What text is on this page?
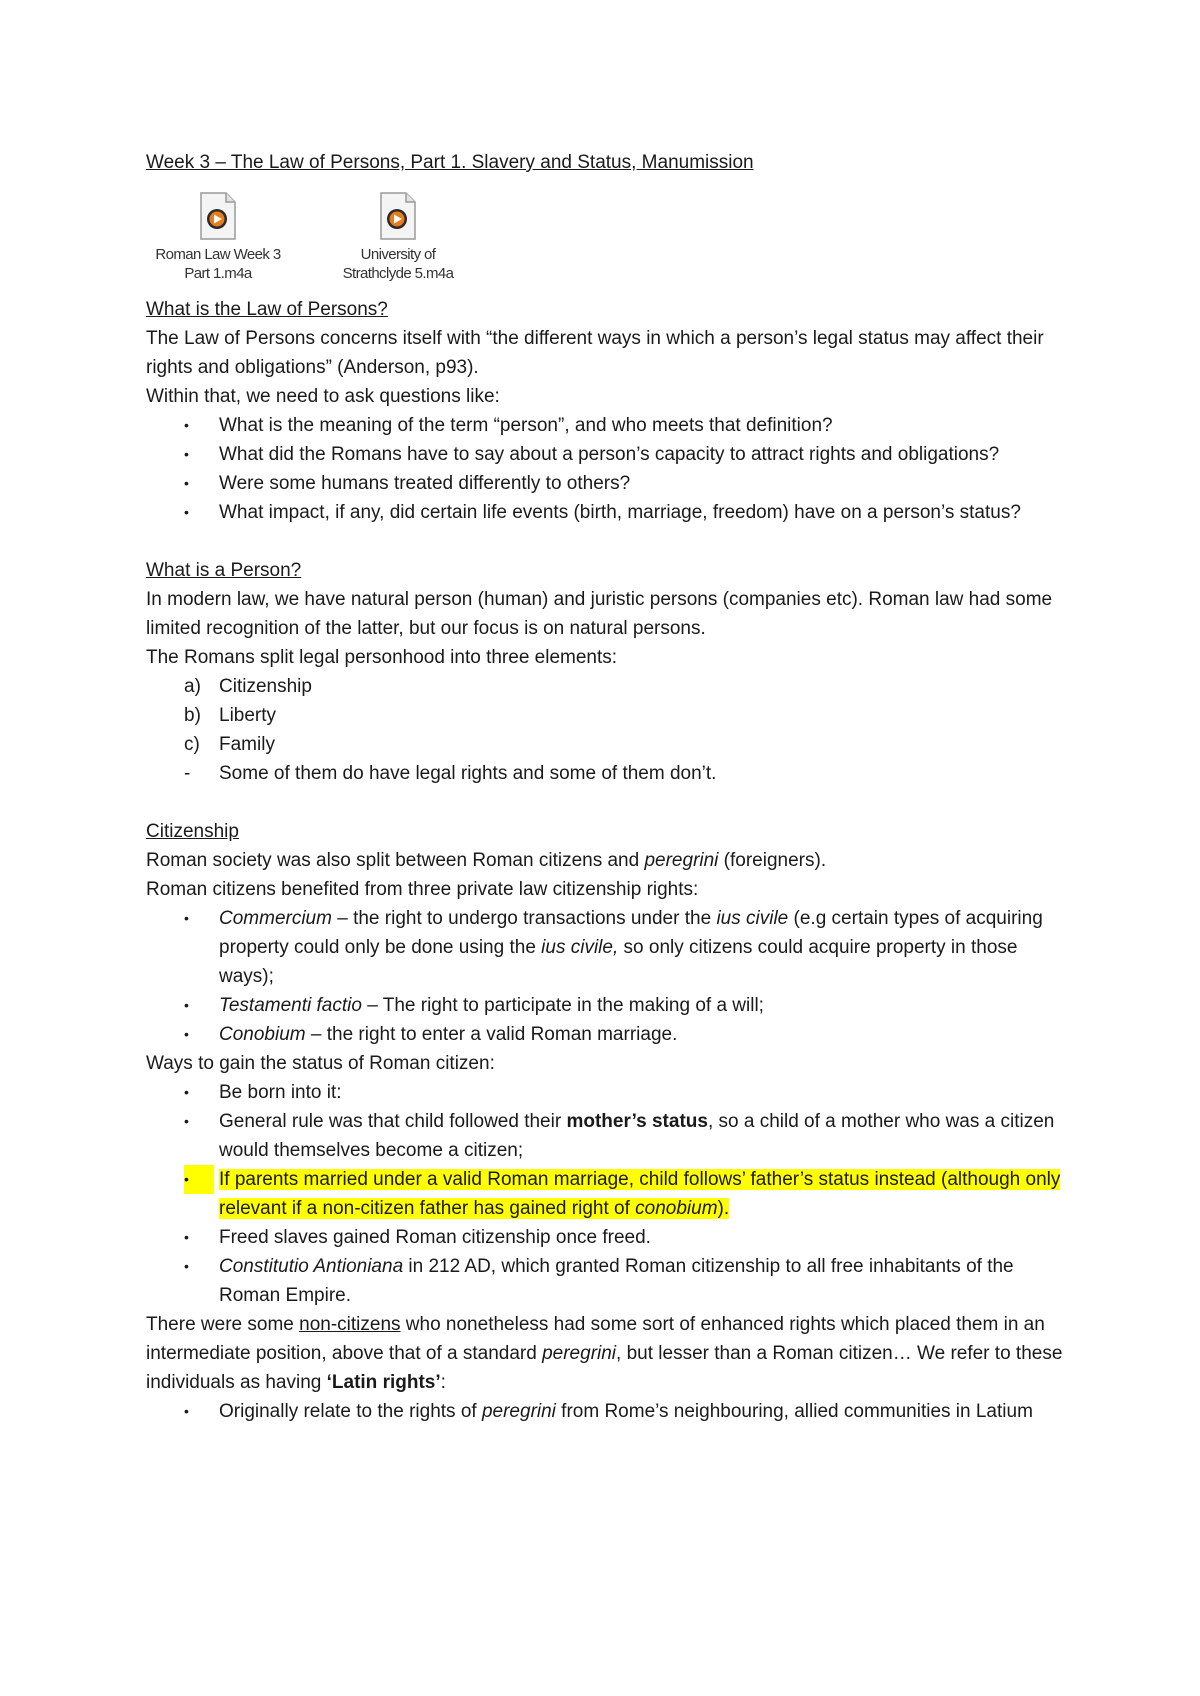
Week 3 – The Law of Persons, Part 1. Slavery and Status, Manumission

Roman Law Week 3
Part 1.m4a
University of
Strathclyde 5.m4a

What is the Law of Persons?

The Law of Persons concerns itself with “the different ways in which a person’s legal status may affect their rights and obligations” (Anderson, p93).

Within that, we need to ask questions like:

•	What is the meaning of the term “person”, and who meets that definition?
•	What did the Romans have to say about a person’s capacity to attract rights and obligations?
•	Were some humans treated differently to others?
•	What impact, if any, did certain life events (birth, marriage, freedom) have on a person’s status?

What is a Person?

In modern law, we have natural person (human) and juristic persons (companies etc). Roman law had some limited recognition of the latter, but our focus is on natural persons.

The Romans split legal personhood into three elements:

a) Citizenship
b) Liberty
c)	Family
-	Some of them do have legal rights and some of them don’t.

Citizenship

Roman society was also split between Roman citizens and peregrini (foreigners).

Roman citizens benefited from three private law citizenship rights:

•	Commercium – the right to undergo transactions under the ius civile (e.g certain types of acquiring property could only be done using the ius civile, so only citizens could acquire property in those ways);
•	Testamenti factio – The right to participate in the making of a will;
•	Conobium – the right to enter a valid Roman marriage.

Ways to gain the status of Roman citizen:

•	Be born into it:
•	General rule was that child followed their mother’s status, so a child of a mother who was a citizen would themselves become a citizen;
•	If parents married under a valid Roman marriage, child follows’ father’s status instead (although only relevant if a non-citizen father has gained right of conobium).
•	Freed slaves gained Roman citizenship once freed.
•	Constitutio Antioniana in 212 AD, which granted Roman citizenship to all free inhabitants of the Roman Empire.

There were some non-citizens who nonetheless had some sort of enhanced rights which placed them in an intermediate position, above that of a standard peregrini, but lesser than a Roman citizen… We refer to these individuals as having ‘Latin rights’:

•	Originally relate to the rights of peregrini from Rome’s neighbouring, allied communities in Latium
